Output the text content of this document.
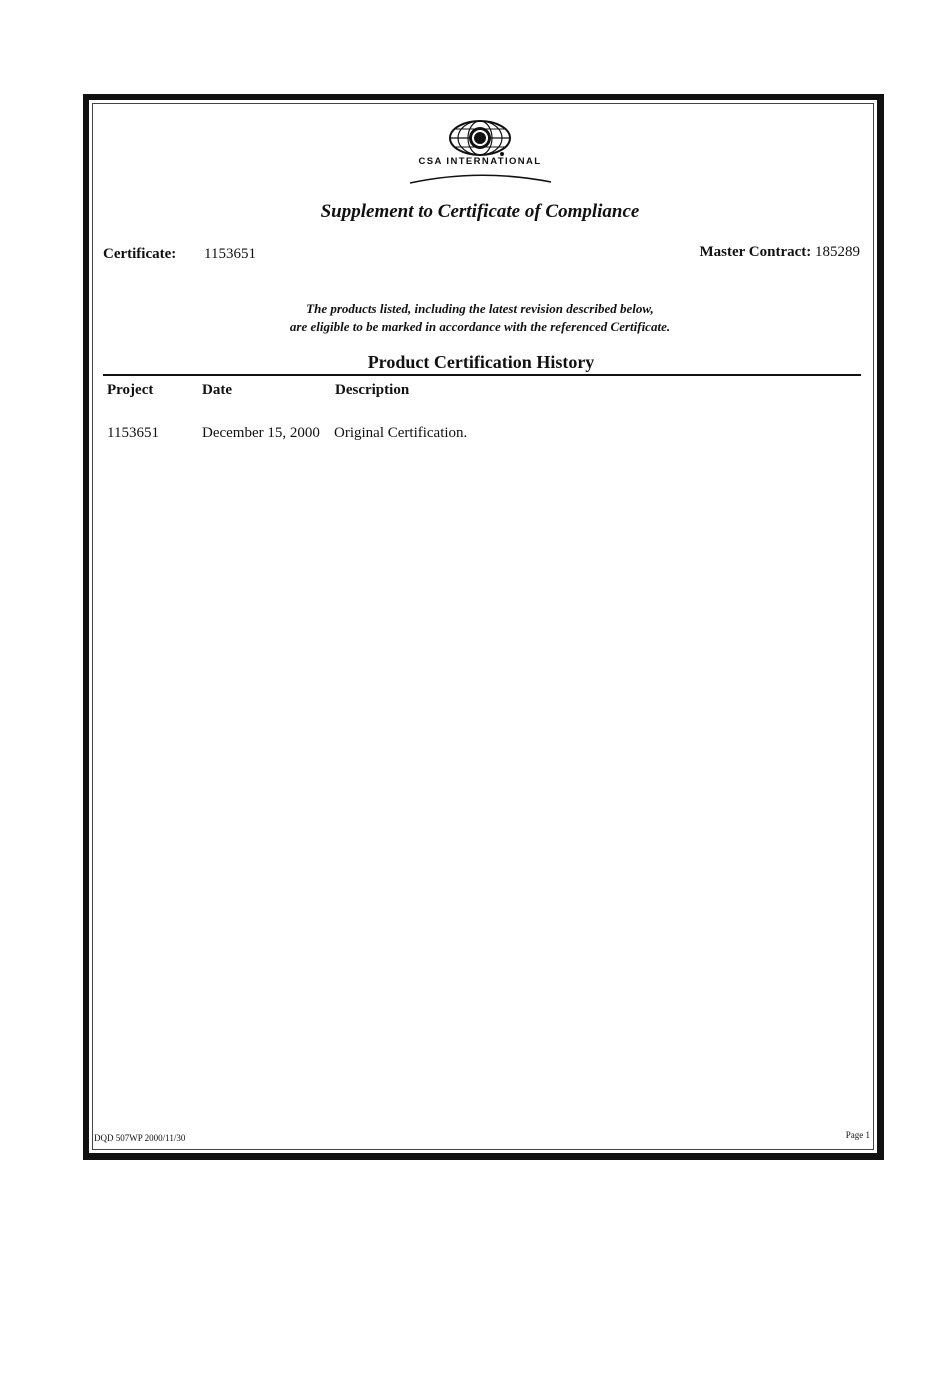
CSA INTERNATIONAL
Supplement to Certificate of Compliance
Certificate: 1153651	Master Contract: 185289
The products listed, including the latest revision described below,
are eligible to be marked in accordance with the referenced Certificate.
Product Certification History
Project	Date	Description
1153651	December 15, 2000 Original Certification.
DQD 507WP 2000/11/30	Page 1
